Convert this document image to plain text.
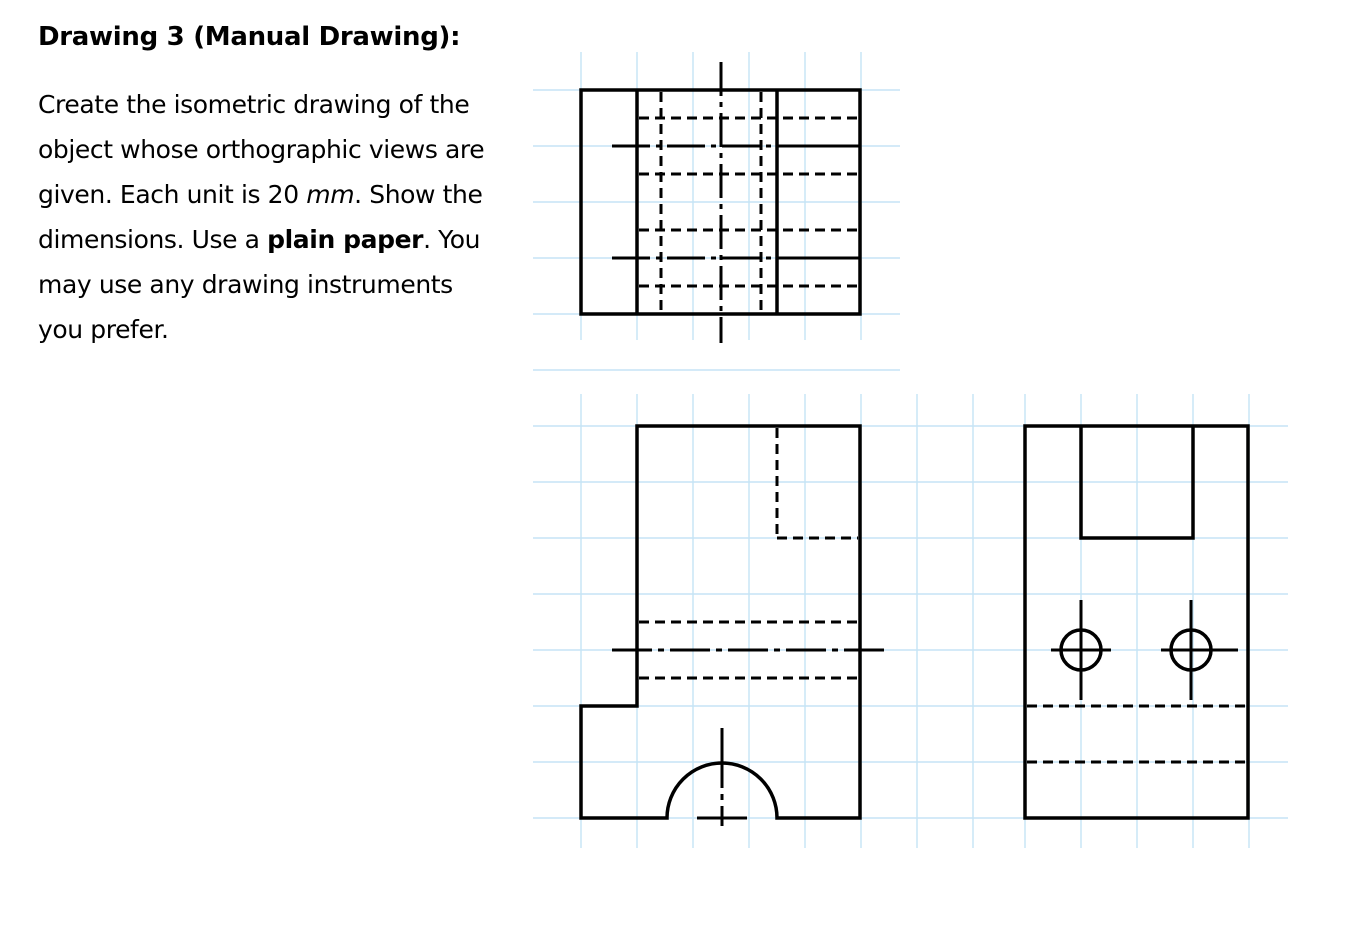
Drawing 3 (Manual Drawing):

Create the isometric drawing of the object whose orthographic views are given. Each unit is 20 mm. Show the dimensions. Use a plain paper. You may use any drawing instruments you prefer.
